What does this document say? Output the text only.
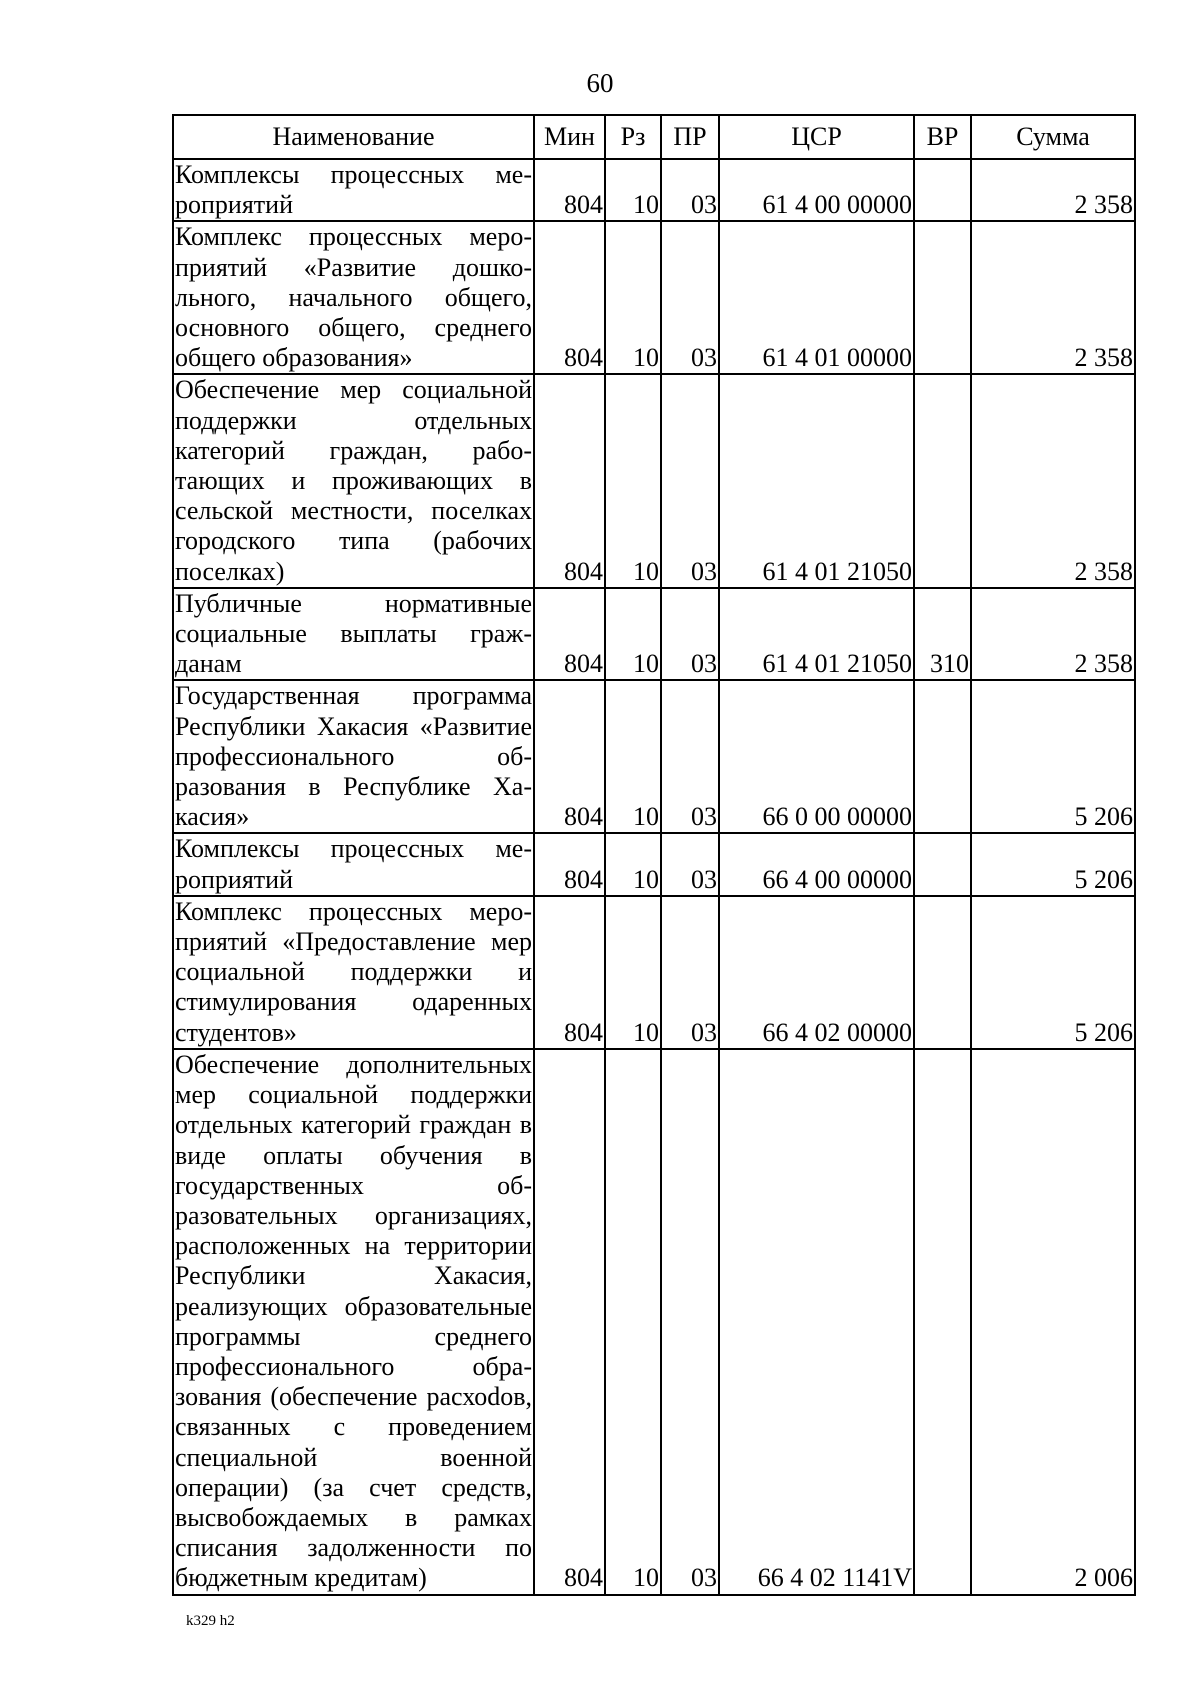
60
Наименование	Мин	Рз	ПР	ЦСР	ВР	Сумма
Комплексы процессных мероприятий	804	10	03	61 4 00 00000		2 358
Комплекс процессных мероприятий «Развитие дошкольного, начального общего, основного общего, среднего общего образования»	804	10	03	61 4 01 00000		2 358
Обеспечение мер социальной поддержки отдельных категорий граждан, работающих и проживающих в сельской местности, поселках городского типа (рабочих поселках)	804	10	03	61 4 01 21050		2 358
Публичные нормативные социальные выплаты гражданам	804	10	03	61 4 01 21050	310	2 358
Государственная программа Республики Хакасия «Развитие профессионального образования в Республике Хакасия»	804	10	03	66 0 00 00000		5 206
Комплексы процессных мероприятий	804	10	03	66 4 00 00000		5 206
Комплекс процессных мероприятий «Предоставление мер социальной поддержки и стимулирования одаренных студентов»	804	10	03	66 4 02 00000		5 206
Обеспечение дополнительных мер социальной поддержки отдельных категорий граждан в виде оплаты обучения в государственных образовательных организациях, расположенных на территории Республики Хакасия, реализующих образовательные программы среднего профессионального образования (обеспечение расхоdов, связанных с проведением специальной военной операции) (за счет средств, высвобождаемых в рамках списания задолженности по бюджетным кредитам)	804	10	03	66 4 02 1141V		2 006
k329 h2
